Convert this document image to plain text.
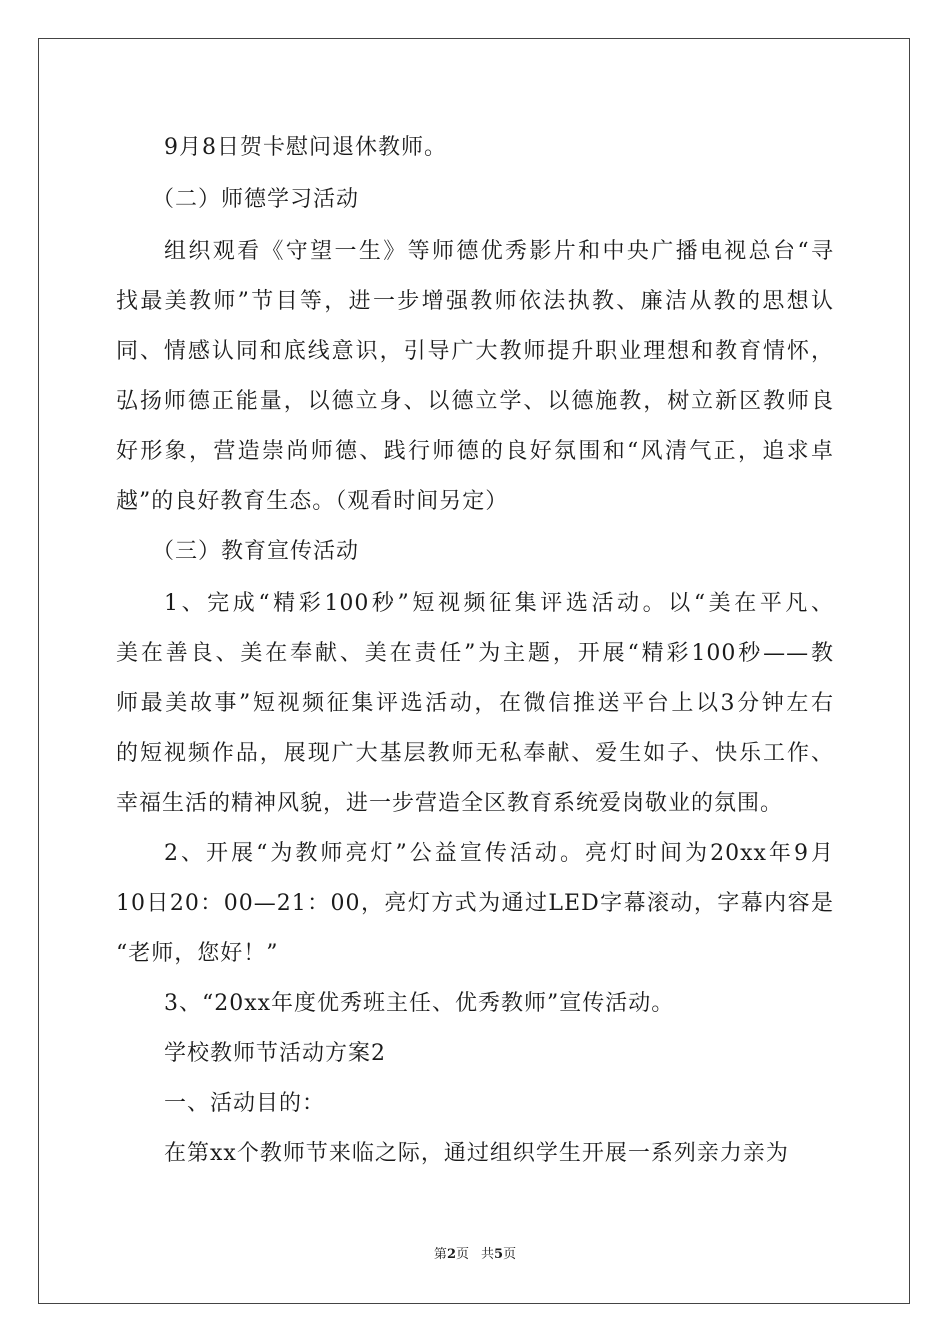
9月8日贺卡慰问退休教师。
（二）师德学习活动
组织观看《守望一生》等师德优秀影片和中央广播电视总台“寻
找最美教师”节目等，进一步增强教师依法执教、廉洁从教的思想认
同、情感认同和底线意识，引导广大教师提升职业理想和教育情怀，
弘扬师德正能量，以德立身、以德立学、以德施教，树立新区教师良
好形象，营造崇尚师德、践行师德的良好氛围和“风清气正，追求卓
越”的良好教育生态。（观看时间另定）
（三）教育宣传活动
1、完成“精彩100秒”短视频征集评选活动。以“美在平凡、
美在善良、美在奉献、美在责任”为主题，开展“精彩100秒——教
师最美故事”短视频征集评选活动，在微信推送平台上以3分钟左右
的短视频作品，展现广大基层教师无私奉献、爱生如子、快乐工作、
幸福生活的精神风貌，进一步营造全区教育系统爱岗敬业的氛围。
2、开展“为教师亮灯”公益宣传活动。亮灯时间为20xx年9月
10日20：00—21：00，亮灯方式为通过LED字幕滚动，字幕内容是
“老师，您好！”
3、“20xx年度优秀班主任、优秀教师”宣传活动。
学校教师节活动方案2
一、活动目的：
在第xx个教师节来临之际，通过组织学生开展一系列亲力亲为
第2页 共5页
